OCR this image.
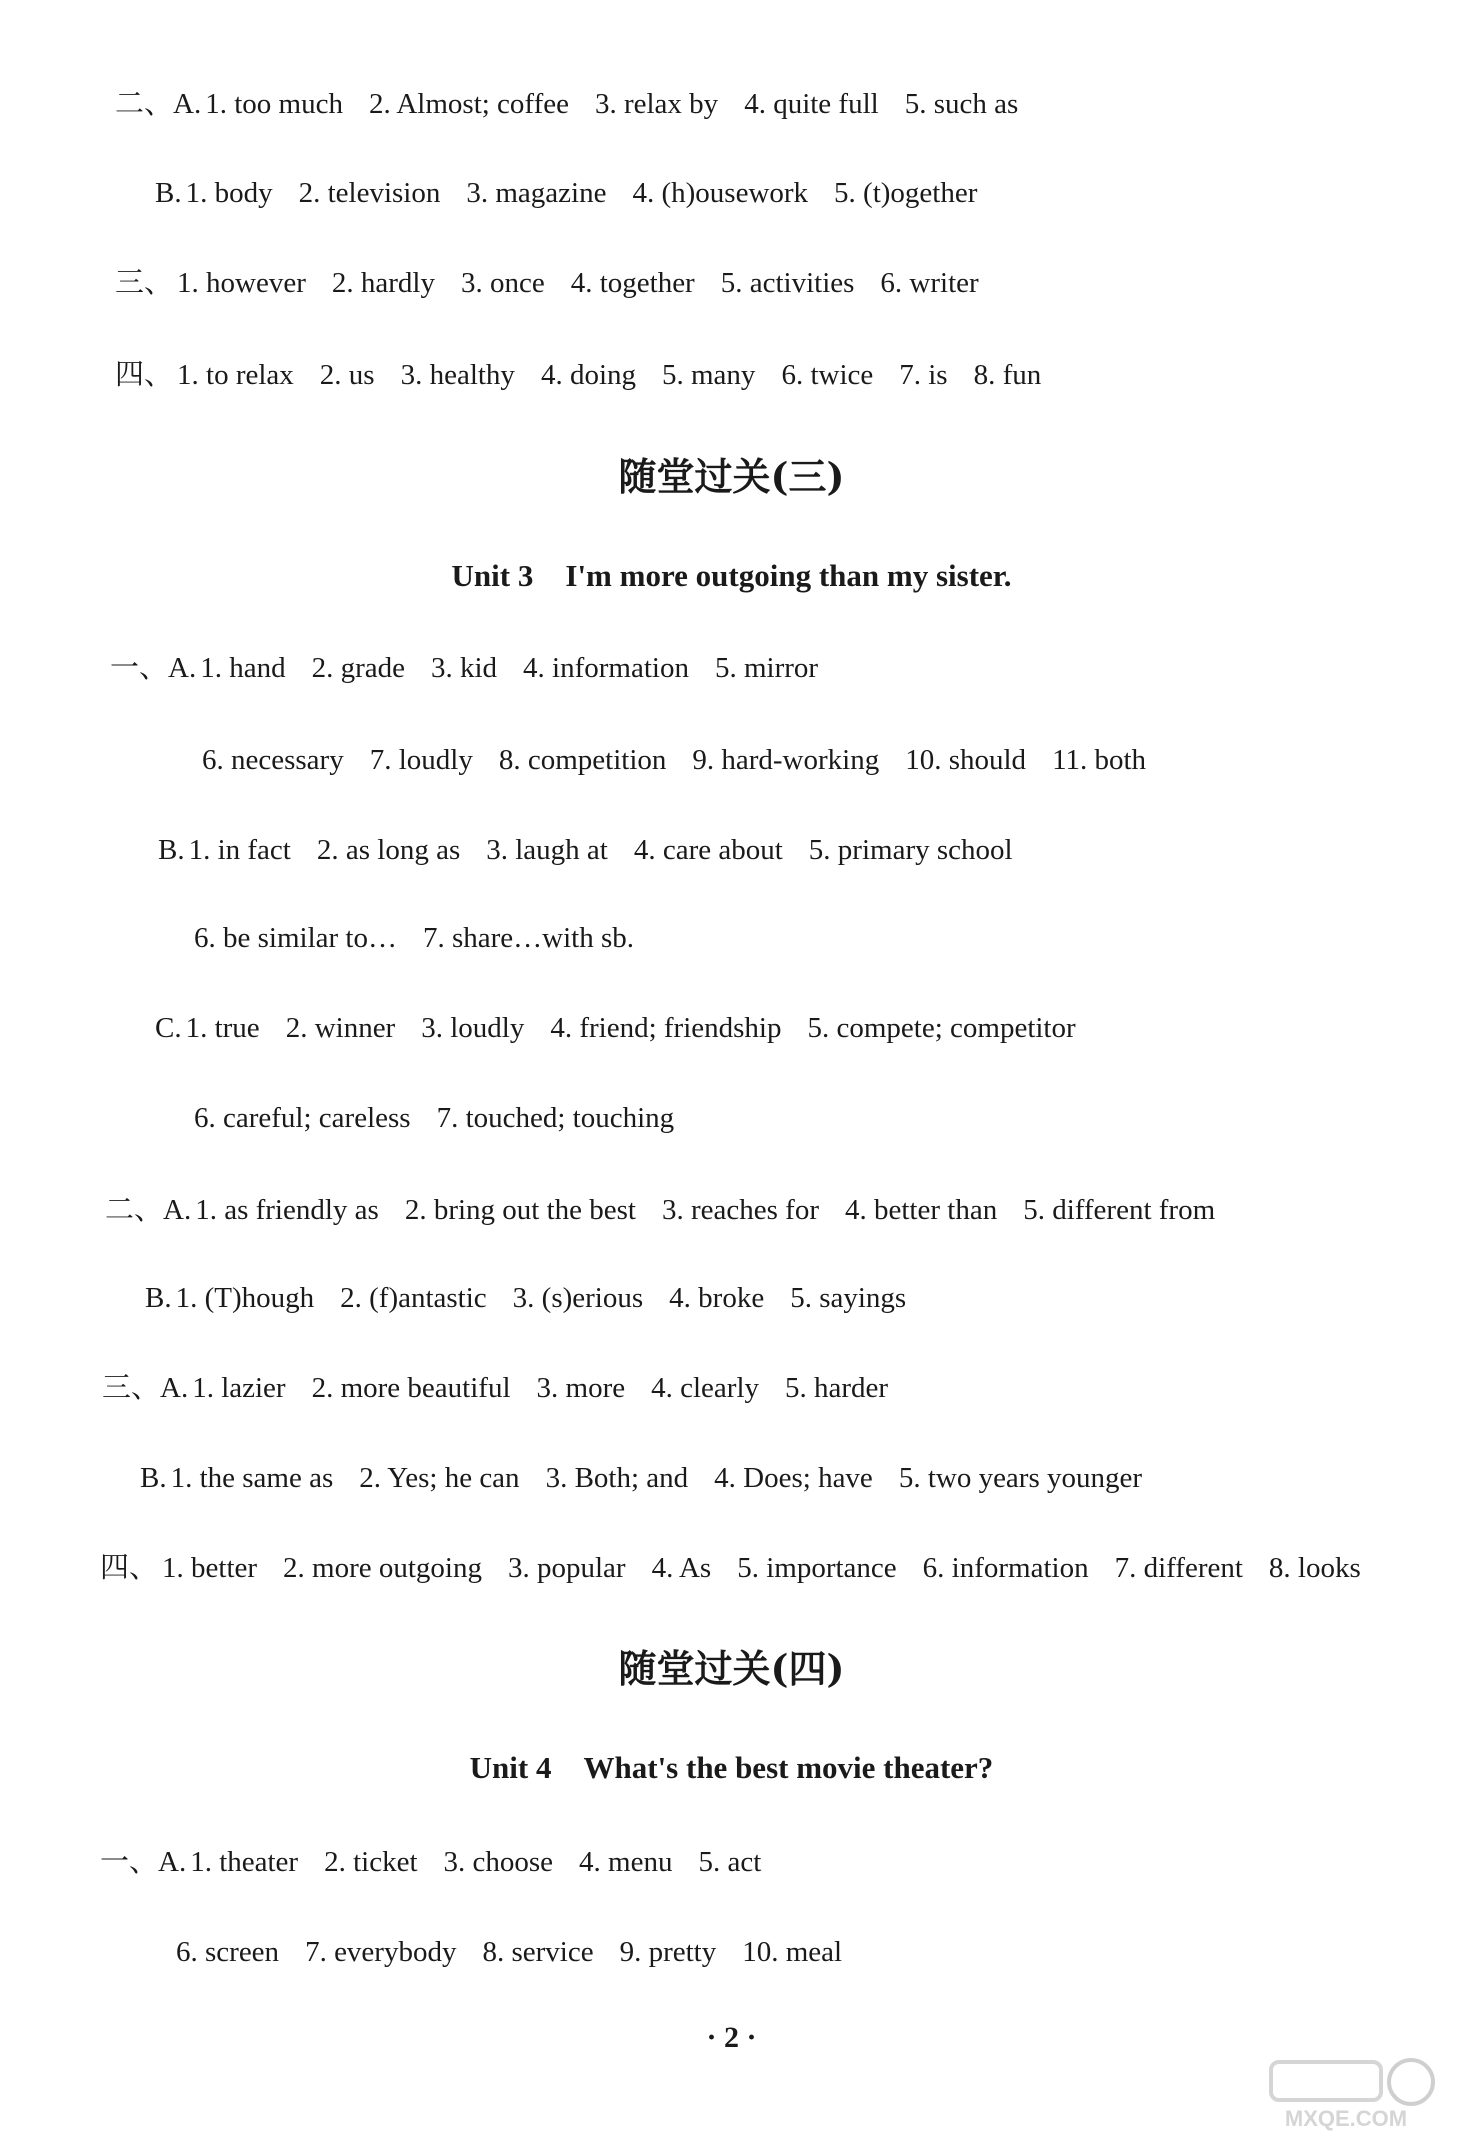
二、A. 1. too much 2. Almost; coffee 3. relax by 4. quite full 5. such as
B. 1. body 2. television 3. magazine 4. (h)ousework 5. (t)ogether
三、 1. however 2. hardly 3. once 4. together 5. activities 6. writer
四、 1. to relax 2. us 3. healthy 4. doing 5. many 6. twice 7. is 8. fun
随堂过关(三)
Unit 3 I'm more outgoing than my sister.
一、A. 1. hand 2. grade 3. kid 4. information 5. mirror
6. necessary 7. loudly 8. competition 9. hard-working 10. should 11. both
B. 1. in fact 2. as long as 3. laugh at 4. care about 5. primary school
6. be similar to… 7. share…with sb.
C. 1. true 2. winner 3. loudly 4. friend; friendship 5. compete; competitor
6. careful; careless 7. touched; touching
二、A. 1. as friendly as 2. bring out the best 3. reaches for 4. better than 5. different from
B. 1. (T)hough 2. (f)antastic 3. (s)erious 4. broke 5. sayings
三、A. 1. lazier 2. more beautiful 3. more 4. clearly 5. harder
B. 1. the same as 2. Yes; he can 3. Both; and 4. Does; have 5. two years younger
四、 1. better 2. more outgoing 3. popular 4. As 5. importance 6. information 7. different 8. looks
随堂过关(四)
Unit 4 What's the best movie theater?
一、A. 1. theater 2. ticket 3. choose 4. menu 5. act
6. screen 7. everybody 8. service 9. pretty 10. meal
· 2 ·
MXQE.COM
